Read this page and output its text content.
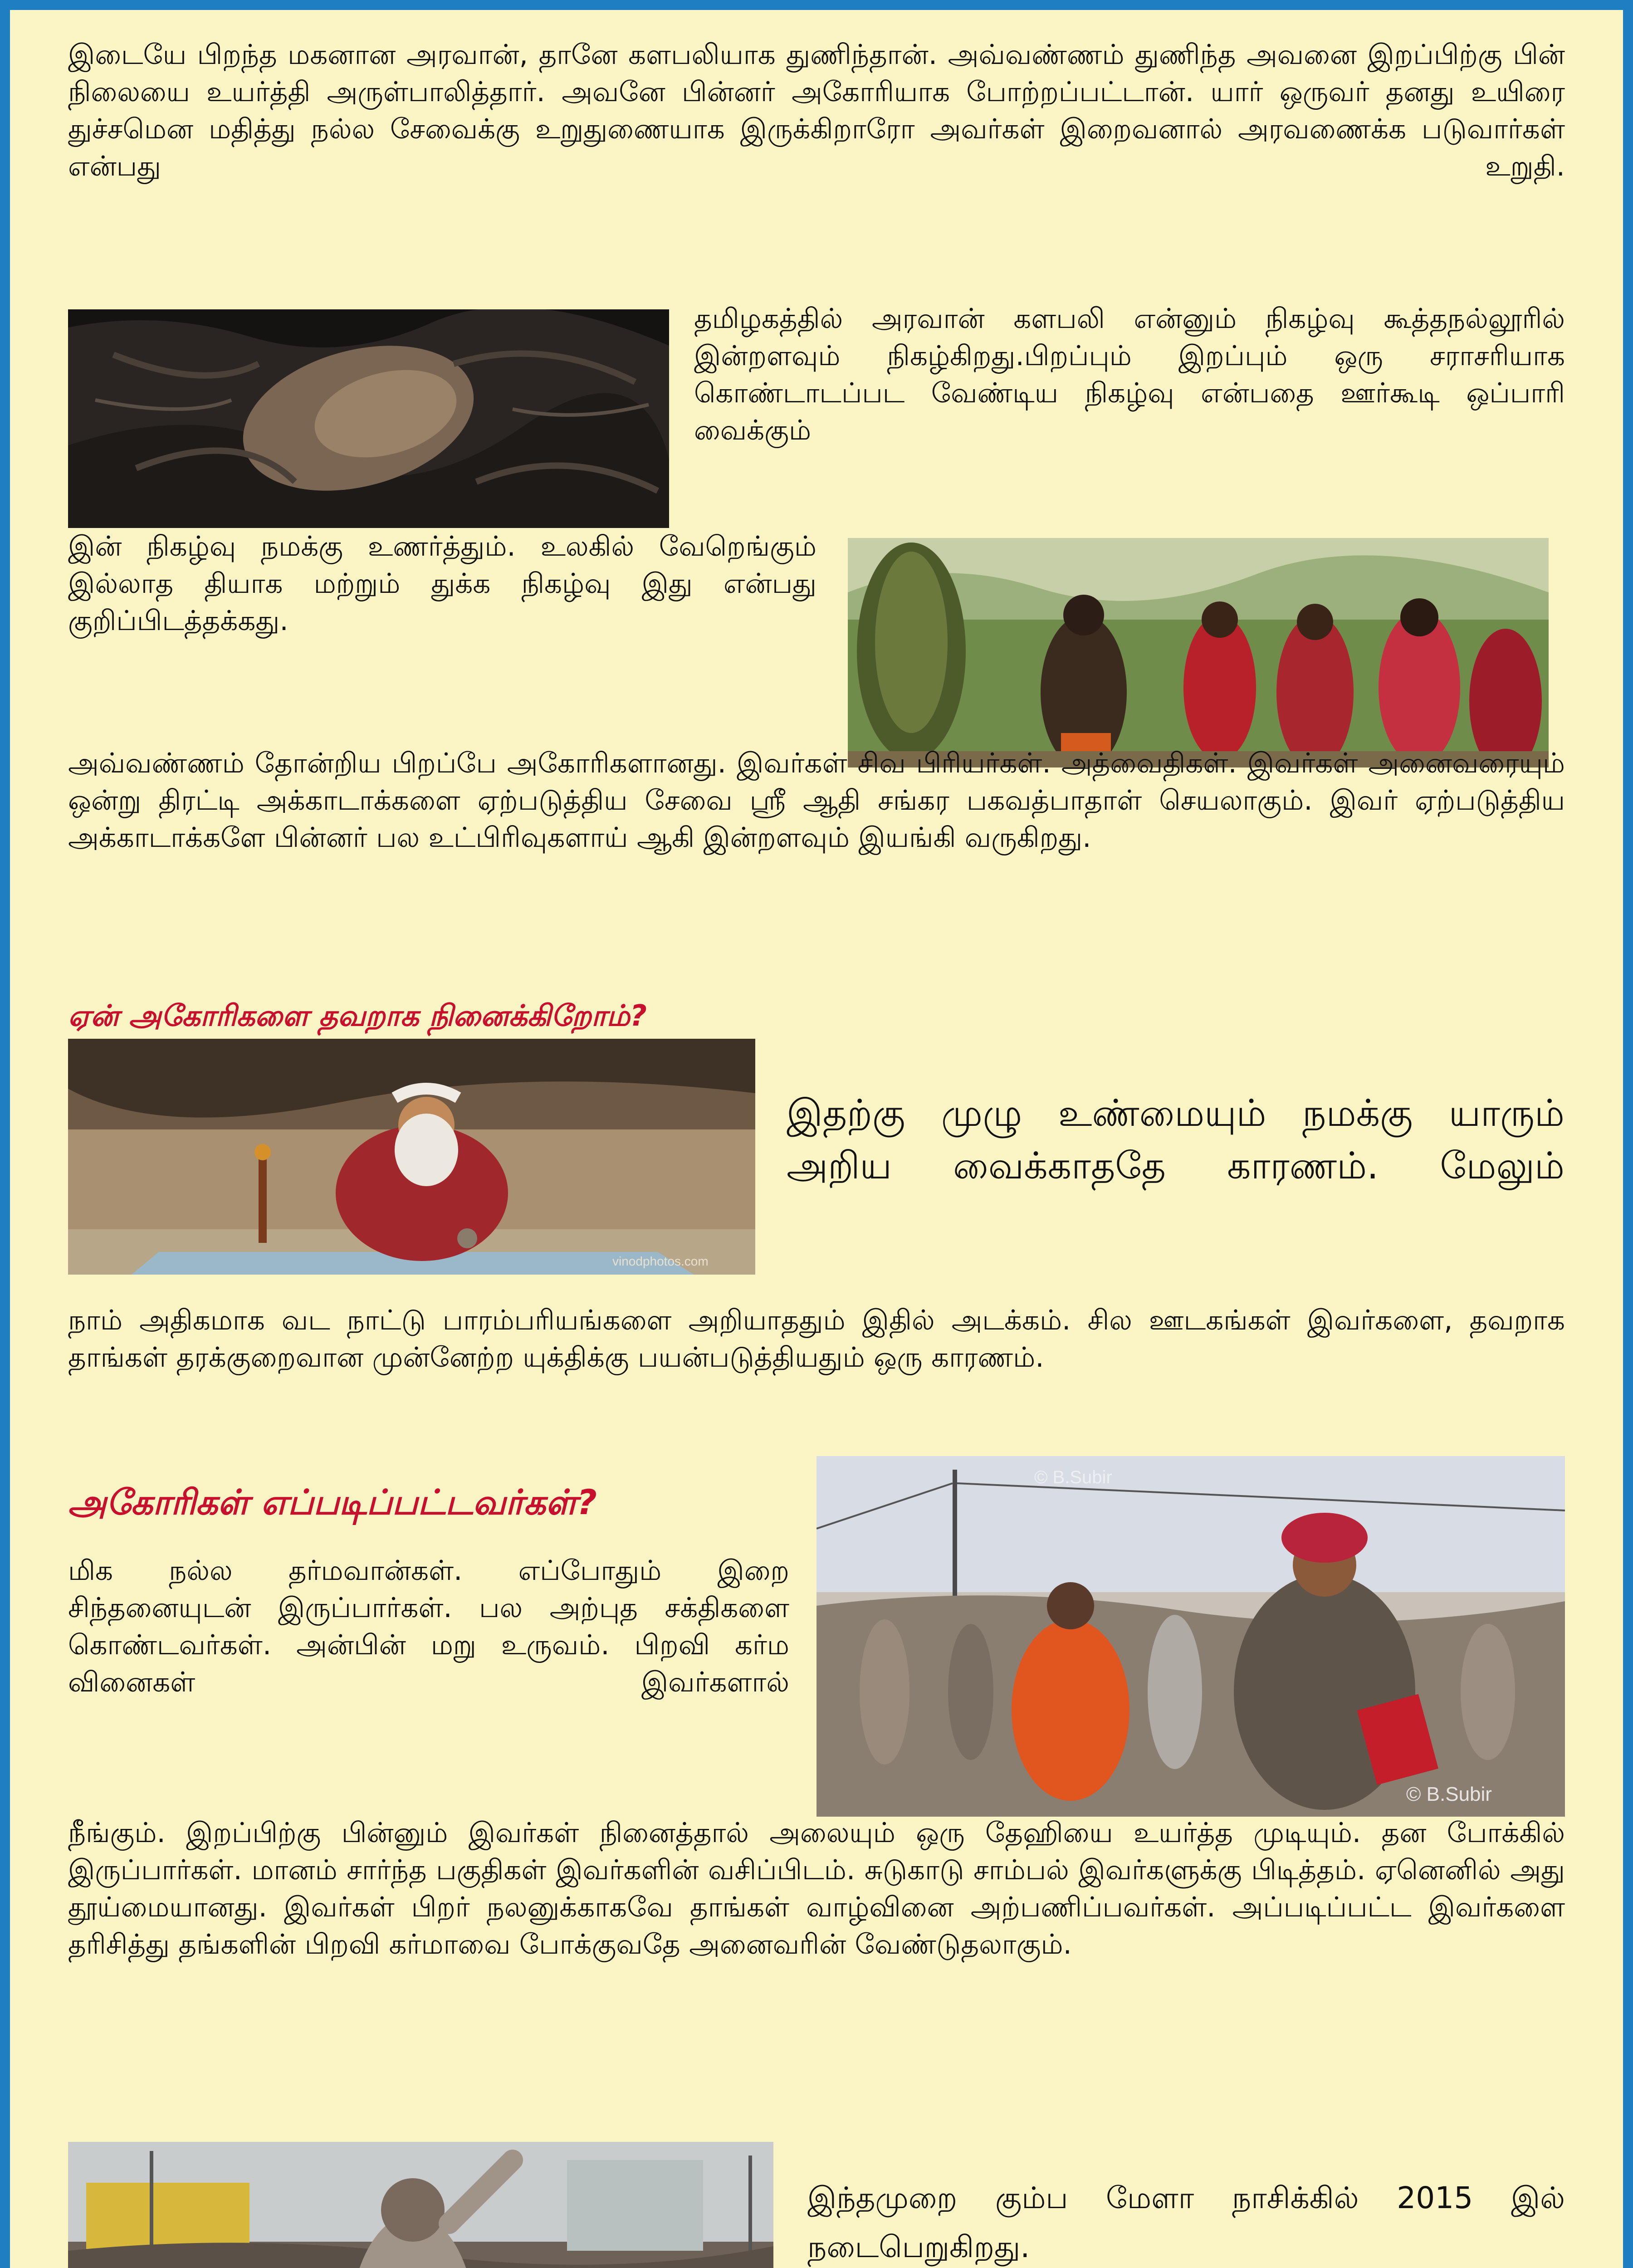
இடையே பிறந்த மகனான அரவான், தானே களபலியாக துணிந்தான். அவ்வண்ணம் துணிந்த அவனை இறப்பிற்கு பின் நிலையை உயர்த்தி அருள்பாலித்தார். அவனே பின்னர் அகோரியாக போற்றப்பட்டான். யார் ஒருவர் தனது உயிரை துச்சமென மதித்து நல்ல சேவைக்கு உறுதுணையாக இருக்கிறாரோ அவர்கள் இறைவனால் அரவணைக்க படுவார்கள் என்பது உறுதி.

தமிழகத்தில் அரவான் களபலி என்னும் நிகழ்வு கூத்தநல்லூரில் இன்றளவும் நிகழ்கிறது.பிறப்பும் இறப்பும் ஒரு சராசரியாக கொண்டாடப்பட வேண்டிய நிகழ்வு என்பதை ஊர்கூடி ஒப்பாரி வைக்கும்

இன் நிகழ்வு நமக்கு உணர்த்தும். உலகில் வேறெங்கும் இல்லாத தியாக மற்றும் துக்க நிகழ்வு இது என்பது குறிப்பிடத்தக்கது.

அவ்வண்ணம் தோன்றிய பிறப்பே அகோரிகளானது. இவர்கள் சிவ பிரியர்கள். அத்வைதிகள். இவர்கள் அனைவரையும் ஒன்று திரட்டி அக்காடாக்களை ஏற்படுத்திய சேவை ஸ்ரீ ஆதி சங்கர பகவத்பாதாள் செயலாகும். இவர் ஏற்படுத்திய அக்காடாக்களே பின்னர் பல உட்பிரிவுகளாய் ஆகி இன்றளவும் இயங்கி வருகிறது.

ஏன் அகோரிகளை தவறாக நினைக்கிறோம்?
vinodphotos.com

இதற்கு முழு உண்மையும் நமக்கு யாரும் அறிய வைக்காததே காரணம். மேலும்

நாம் அதிகமாக வட நாட்டு பாரம்பரியங்களை அறியாததும் இதில் அடக்கம். சில ஊடகங்கள் இவர்களை, தவறாக தாங்கள் தரக்குறைவான முன்னேற்ற யுக்திக்கு பயன்படுத்தியதும் ஒரு காரணம்.

அகோரிகள் எப்படிப்பட்டவர்கள்?
© B.Subir
© B.Subir

மிக நல்ல தர்மவான்கள். எப்போதும் இறை சிந்தனையுடன் இருப்பார்கள். பல அற்புத சக்திகளை கொண்டவர்கள். அன்பின் மறு உருவம். பிறவி கர்ம வினைகள் இவர்களால்

நீங்கும். இறப்பிற்கு பின்னும் இவர்கள் நினைத்தால் அலையும் ஒரு தேஹியை உயர்த்த முடியும். தன போக்கில் இருப்பார்கள். மானம் சார்ந்த பகுதிகள் இவர்களின் வசிப்பிடம். சுடுகாடு சாம்பல் இவர்களுக்கு பிடித்தம். ஏனெனில் அது தூய்மையானது. இவர்கள் பிறர் நலனுக்காகவே தாங்கள் வாழ்வினை அற்பணிப்பவர்கள். அப்படிப்பட்ட இவர்களை தரிசித்து தங்களின் பிறவி கர்மாவை போக்குவதே அனைவரின் வேண்டுதலாகும்.

இந்தமுறை கும்ப மேளா நாசிக்கில் 2015 இல் நடைபெறுகிறது.
